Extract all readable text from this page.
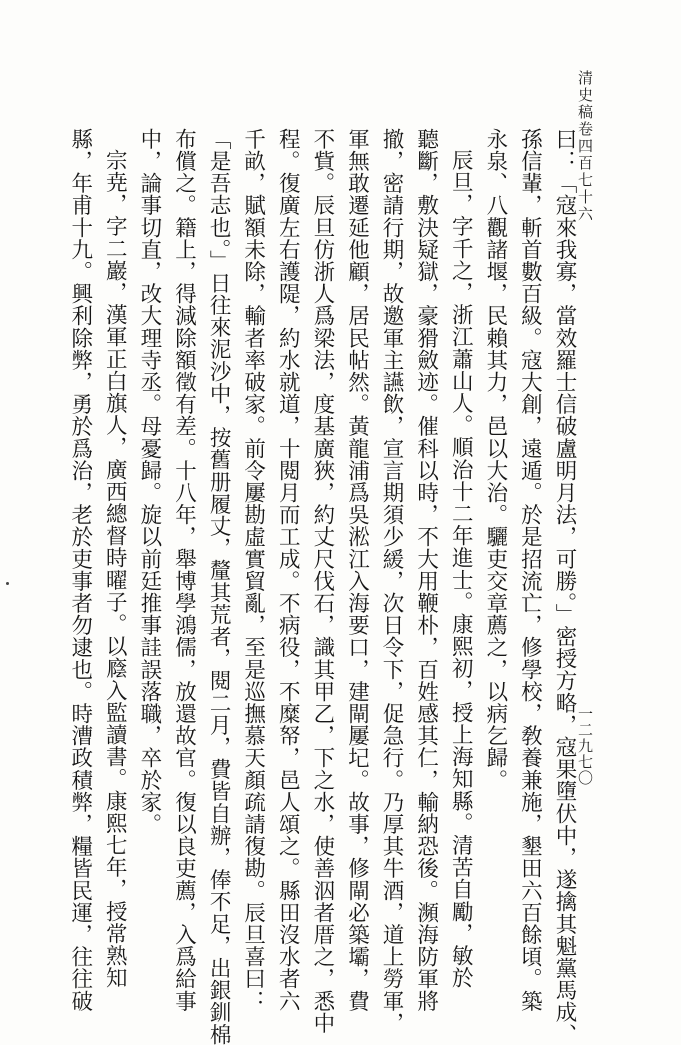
清史稿卷四百七十六
一二九七〇
曰：「寇來我寡，當效羅士信破盧明月法，可勝。」密授方略，寇果墮伏中，遂擒其魁黨馬成、
孫信輩，斬首數百級。寇大創，遠遁。於是招流亡，修學校，敎養兼施，墾田六百餘頃。築
永泉、八觀諸堰，民賴其力，邑以大治。驪吏交章薦之，以病乞歸。
辰旦，字千之，浙江蕭山人。順治十二年進士。康熙初，授上海知縣。清苦自勵，敏於
聽斷，敷決疑獄，豪猾斂迹。催科以時，不大用鞭朴，百姓感其仁，輸納恐後。瀕海防軍將
撤，密請行期，故邀軍主讌飲，宣言期須少緩，次日令下，促急行。乃厚其牛酒，道上勞軍，
軍無敢遷延他顧，居民帖然。黃龍浦爲吳淞江入海要口，建閘屢圮。故事，修閘必築壩，費
不貲。辰旦仿浙人爲梁法，度基廣狹，約丈尺伐石，識其甲乙，下之水，使善泅者厝之，悉中
程。復廣左右護隄，約水就道，十閱月而工成。不病役，不糜帑，邑人頌之。縣田沒水者六
千畝，賦額未除，輸者率破家。前令屢勘虛實貿亂，至是巡撫慕天顏疏請復勘。辰旦喜曰：
「是吾志也。」日往來泥沙中，按舊册履丈，釐其荒者，閱二月，費皆自辦，俸不足，出銀釧棉
布償之。籍上，得減除額徵有差。十八年，舉博學鴻儒，放還故官。復以良吏薦，入爲給事
中，論事切直，改大理寺丞。母憂歸。旋以前廷推事詿誤落職，卒於家。
宗尭，字二巖，漢軍正白旗人，廣西總督時曜子。以廕入監讀書。康熙七年，授常熟知
縣，年甫十九。興利除弊，勇於爲治，老於吏事者勿逮也。時漕政積弊，糧皆民運，往往破
